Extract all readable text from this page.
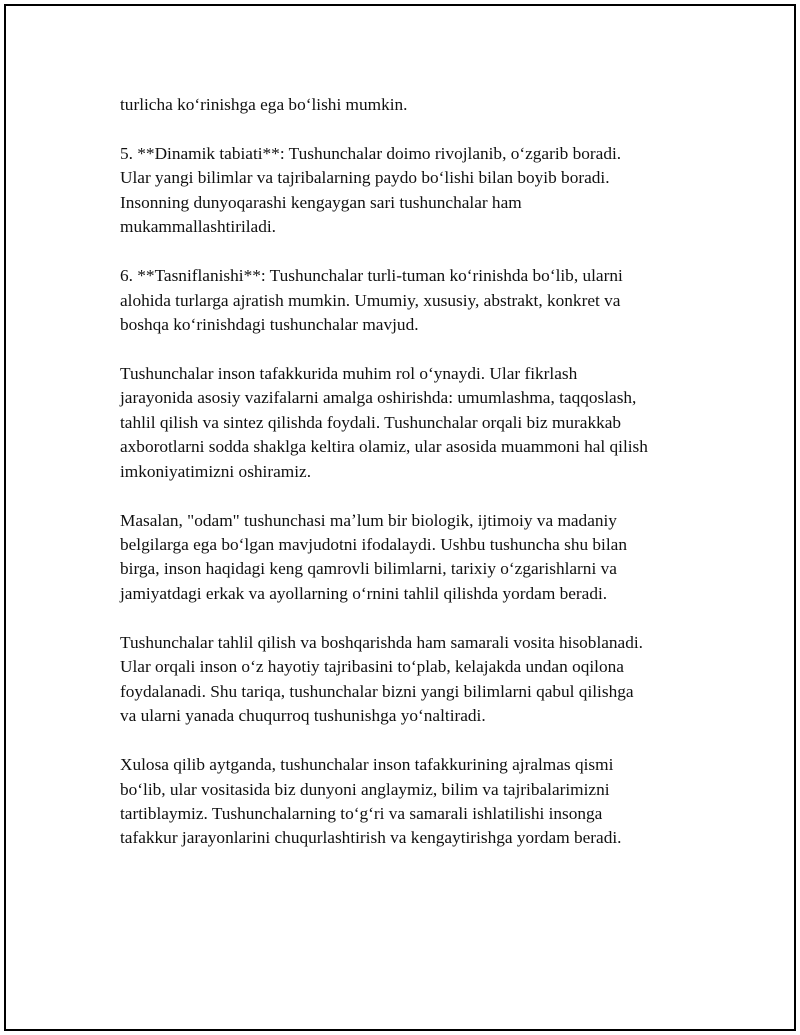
turlicha koʻrinishga ega boʻlishi mumkin.

5. **Dinamik tabiati**: Tushunchalar doimo rivojlanib, oʻzgarib boradi.
Ular yangi bilimlar va tajribalarning paydo boʻlishi bilan boyib boradi.
Insonning dunyoqarashi kengaygan sari tushunchalar ham
mukammallashtiriladi.

6. **Tasniflanishi**: Tushunchalar turli-tuman koʻrinishda boʻlib, ularni
alohida turlarga ajratish mumkin. Umumiy, xususiy, abstrakt, konkret va
boshqa koʻrinishdagi tushunchalar mavjud.

Tushunchalar inson tafakkurida muhim rol oʻynaydi. Ular fikrlash
jarayonida asosiy vazifalarni amalga oshirishda: umumlashma, taqqoslash,
tahlil qilish va sintez qilishda foydali. Tushunchalar orqali biz murakkab
axborotlarni sodda shaklga keltira olamiz, ular asosida muammoni hal qilish
imkoniyatimizni oshiramiz.

Masalan, "odam" tushunchasi maʼlum bir biologik, ijtimoiy va madaniy
belgilarga ega boʻlgan mavjudotni ifodalaydi. Ushbu tushuncha shu bilan
birga, inson haqidagi keng qamrovli bilimlarni, tarixiy oʻzgarishlarni va
jamiyatdagi erkak va ayollarning oʻrnini tahlil qilishda yordam beradi.

Tushunchalar tahlil qilish va boshqarishda ham samarali vosita hisoblanadi.
Ular orqali inson oʻz hayotiy tajribasini toʻplab, kelajakda undan oqilona
foydalanadi. Shu tariqa, tushunchalar bizni yangi bilimlarni qabul qilishga
va ularni yanada chuqurroq tushunishga yoʻnaltiradi.

Xulosa qilib aytganda, tushunchalar inson tafakkurining ajralmas qismi
boʻlib, ular vositasida biz dunyoni anglaymiz, bilim va tajribalarimizni
tartiblaymiz. Tushunchalarning toʻgʻri va samarali ishlatilishi insonga
tafakkur jarayonlarini chuqurlashtirish va kengaytirishga yordam beradi.
